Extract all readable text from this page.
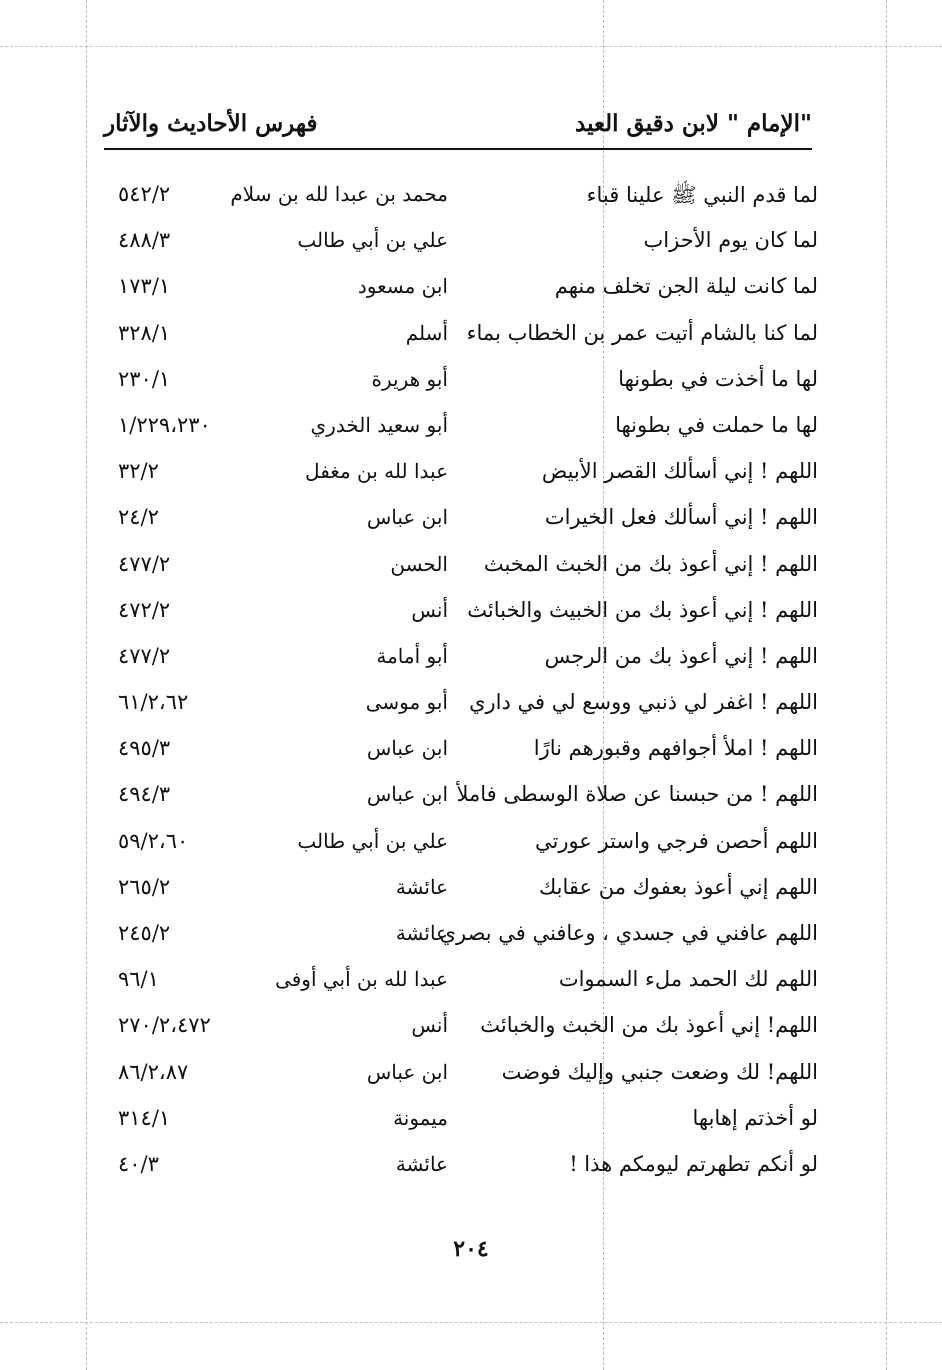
"الإمام " لابن دقيق العيد
فهرس الأحاديث والآثار
لما قدم النبي ﷺ علينا قباء
محمد بن عبدا لله بن سلام
٥٤٢/٢
لما كان يوم الأحزاب
علي بن أبي طالب
٤٨٨/٣
لما كانت ليلة الجن تخلف منهم
ابن مسعود
١٧٣/١
لما كنا بالشام أتيت عمر بن الخطاب بماء
أسلم
٣٢٨/١
لها ما أخذت في بطونها
أبو هريرة
٢٣٠/١
لها ما حملت في بطونها
أبو سعيد الخدري
١/٢٢٩،٢٣٠
اللهم ! إني أسألك القصر الأبيض
عبدا لله بن مغفل
٣٢/٢
اللهم ! إني أسألك فعل الخيرات
ابن عباس
٢٤/٢
اللهم ! إني أعوذ بك من الخبث المخبث
الحسن
٤٧٧/٢
اللهم ! إني أعوذ بك من الخبيث والخبائث
أنس
٤٧٢/٢
اللهم ! إني أعوذ بك من الرجس
أبو أمامة
٤٧٧/٢
اللهم ! اغفر لي ذنبي ووسع لي في داري
أبو موسى
٦١/٢،٦٢
اللهم ! املأ أجوافهم وقبورهم نارًا
ابن عباس
٤٩٥/٣
اللهم ! من حبسنا عن صلاة الوسطى فاملأ
ابن عباس
٤٩٤/٣
اللهم أحصن فرجي واستر عورتي
علي بن أبي طالب
٥٩/٢،٦٠
اللهم إني أعوذ بعفوك من عقابك
عائشة
٢٦٥/٢
اللهم عافني في جسدي ، وعافني في بصري
عائشة
٢٤٥/٢
اللهم لك الحمد ملء السموات
عبدا لله بن أبي أوفى
٩٦/١
اللهم! إني أعوذ بك من الخبث والخبائث
أنس
٢٧٠/٢،٤٧٢
اللهم! لك وضعت جنبي وإليك فوضت
ابن عباس
٨٦/٢،٨٧
لو أخذتم إهابها
ميمونة
٣١٤/١
لو أنكم تطهرتم ليومكم هذا !
عائشة
٤٠/٣
٢٠٤
